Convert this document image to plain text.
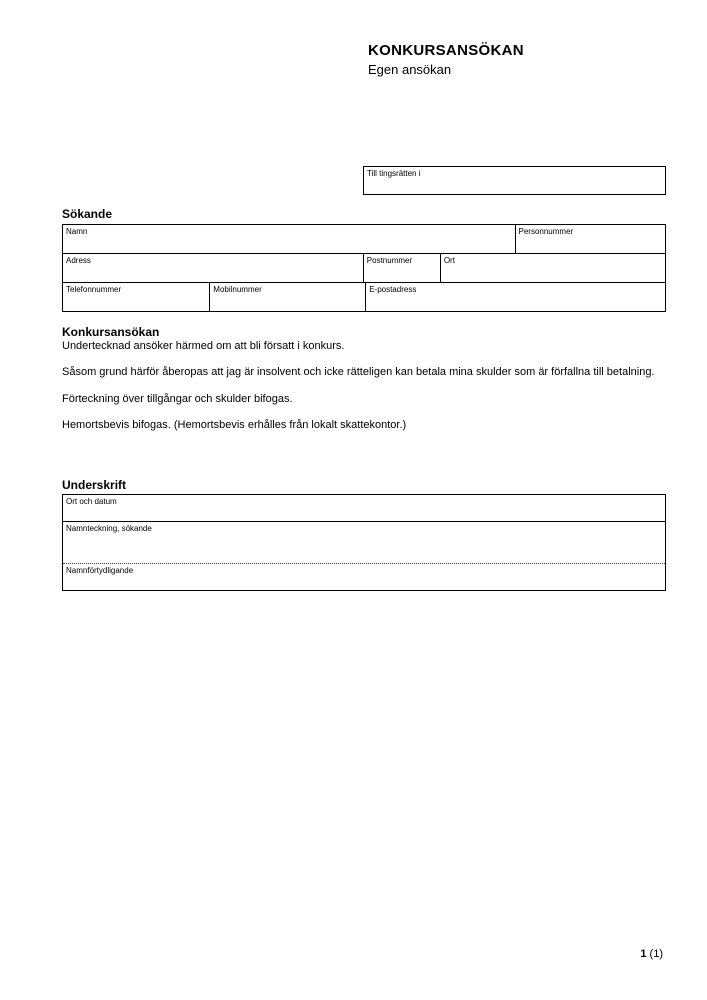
KONKURSANSÖKAN
Egen ansökan
Till tingsrätten i
Sökande
Namn	Personnummer
Adress	Postnummer	Ort
Telefonnummer	Mobilnummer	E-postadress
Konkursansökan

Undertecknad ansöker härmed om att bli försatt i konkurs.

Såsom grund härför åberopas att jag är insolvent och icke rätteligen kan betala mina skulder som är förfallna till betalning.

Förteckning över tillgångar och skulder bifogas.

Hemortsbevis bifogas. (Hemortsbevis erhålles från lokalt skattekontor.)

Underskrift
Ort och datum
Namnteckning, sökande
Namnförtydligande
1 (1)
